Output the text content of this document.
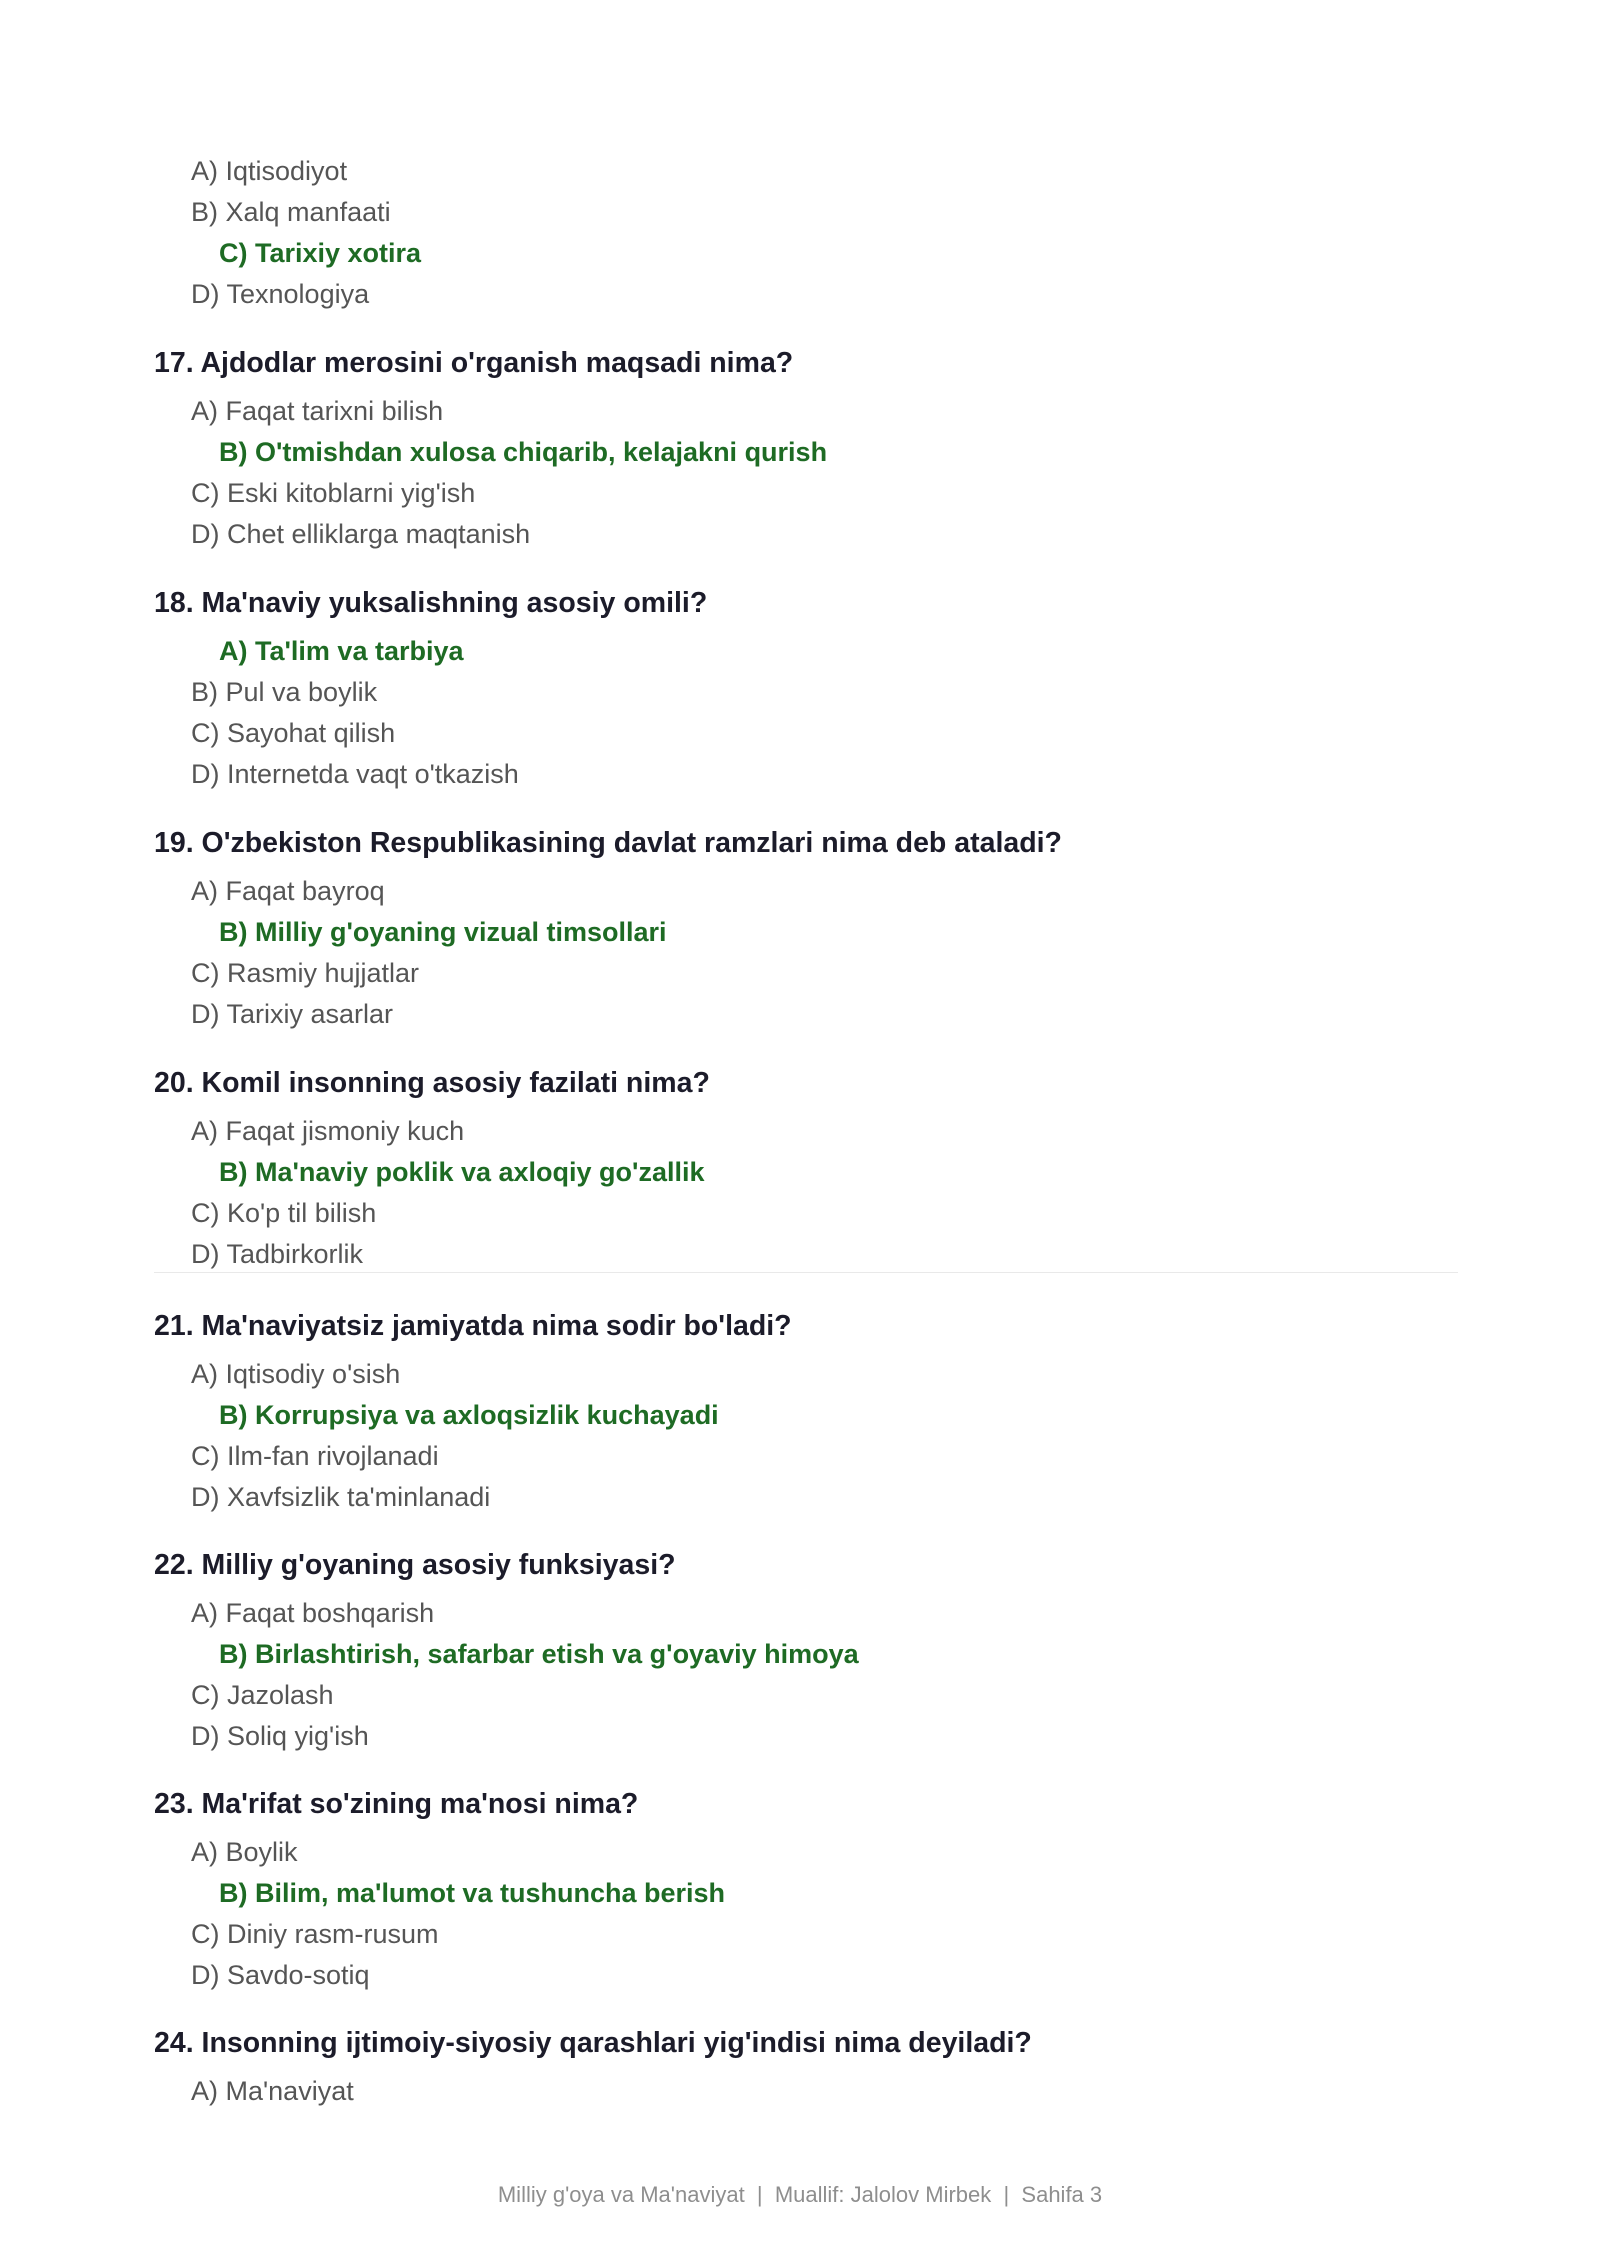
A) Iqtisodiyot
B) Xalq manfaati
C) Tarixiy xotira
D) Texnologiya
17. Ajdodlar merosini o'rganish maqsadi nima?
A) Faqat tarixni bilish
B) O'tmishdan xulosa chiqarib, kelajakni qurish
C) Eski kitoblarni yig'ish
D) Chet elliklarga maqtanish
18. Ma'naviy yuksalishning asosiy omili?
A) Ta'lim va tarbiya
B) Pul va boylik
C) Sayohat qilish
D) Internetda vaqt o'tkazish
19. O'zbekiston Respublikasining davlat ramzlari nima deb ataladi?
A) Faqat bayroq
B) Milliy g'oyaning vizual timsollari
C) Rasmiy hujjatlar
D) Tarixiy asarlar
20. Komil insonning asosiy fazilati nima?
A) Faqat jismoniy kuch
B) Ma'naviy poklik va axloqiy go'zallik
C) Ko'p til bilish
D) Tadbirkorlik
21. Ma'naviyatsiz jamiyatda nima sodir bo'ladi?
A) Iqtisodiy o'sish
B) Korrupsiya va axloqsizlik kuchayadi
C) Ilm-fan rivojlanadi
D) Xavfsizlik ta'minlanadi
22. Milliy g'oyaning asosiy funksiyasi?
A) Faqat boshqarish
B) Birlashtirish, safarbar etish va g'oyaviy himoya
C) Jazolash
D) Soliq yig'ish
23. Ma'rifat so'zining ma'nosi nima?
A) Boylik
B) Bilim, ma'lumot va tushuncha berish
C) Diniy rasm-rusum
D) Savdo-sotiq
24. Insonning ijtimoiy-siyosiy qarashlari yig'indisi nima deyiladi?
A) Ma'naviyat
Milliy g'oya va Ma'naviyat  |  Muallif: Jalolov Mirbek  |  Sahifa 3
